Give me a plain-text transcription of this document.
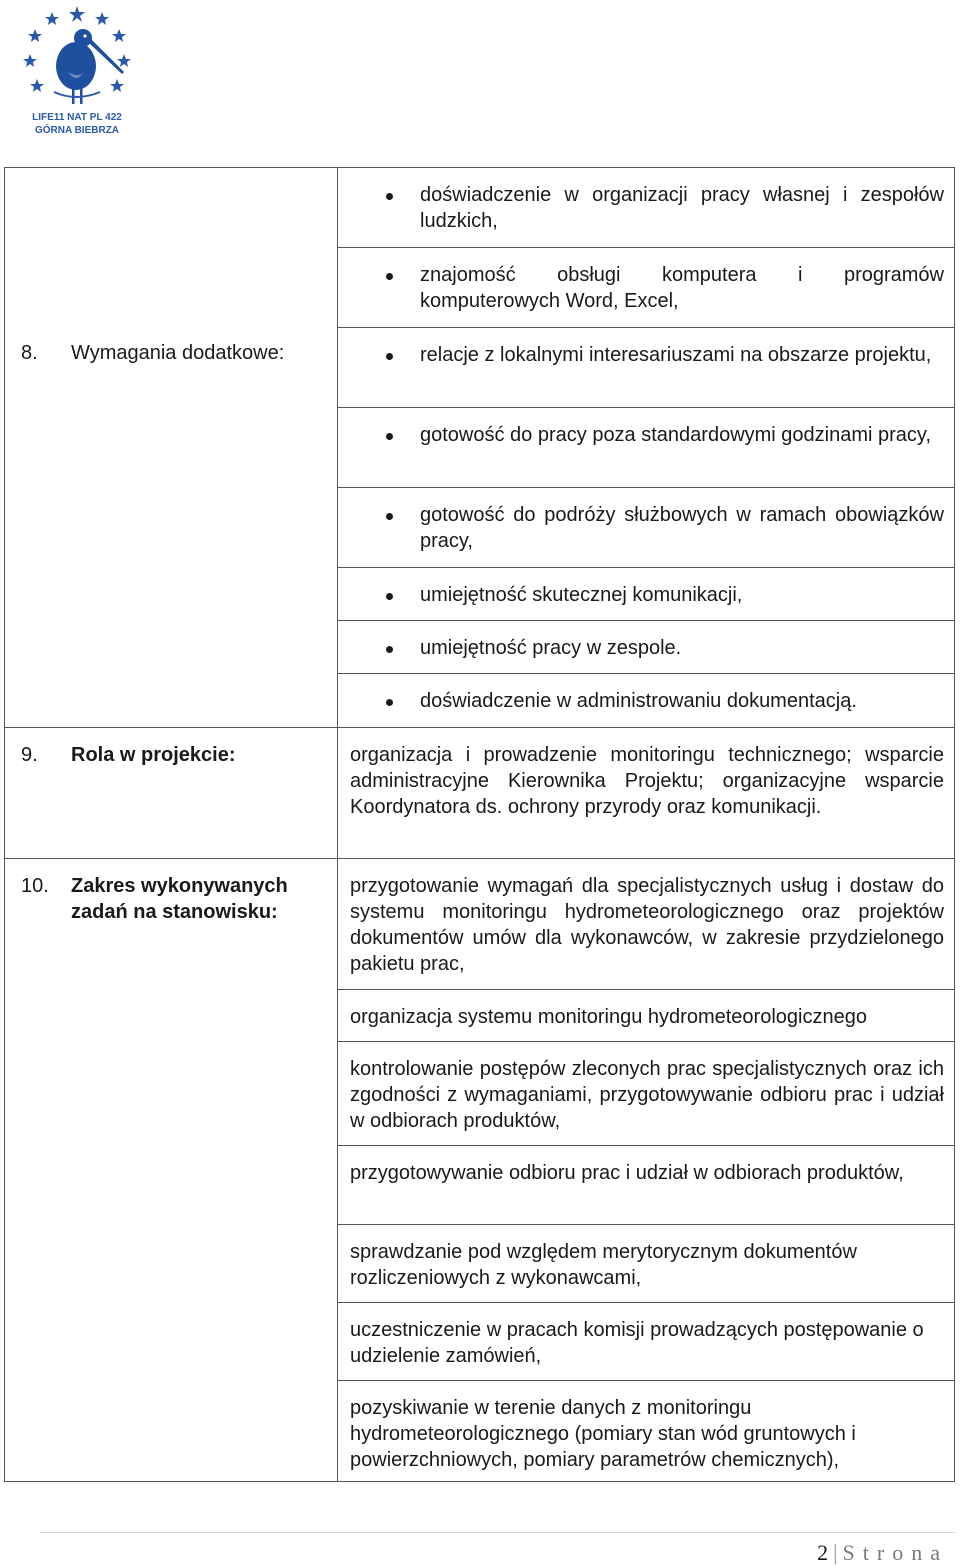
LIFE11 NAT PL 422
GÓRNA BIEBRZA
8. Wymagania dodatkowe:	doświadczenie w organizacji pracy własnej i zespołów ludzkich,

	znajomość obsługi komputera i programów komputerowych Word, Excel,

	relacje z lokalnymi interesariuszami na obszarze projektu,

	gotowość do pracy poza standardowymi godzinami pracy,

	gotowość do podróży służbowych w ramach obowiązków pracy,

	umiejętność skutecznej komunikacji,

	umiejętność pracy w zespole.

	doświadczenie w administrowaniu dokumentacją.

9. Rola w projekcie:	organizacja i prowadzenie monitoringu technicznego; wsparcie administracyjne Kierownika Projektu; organizacyjne wsparcie Koordynatora ds. ochrony przyrody oraz komunikacji.

10. Zakres wykonywanych zadań na stanowisku:	przygotowanie wymagań dla specjalistycznych usług i dostaw do systemu monitoringu hydrometeorologicznego oraz projektów dokumentów umów dla wykonawców, w zakresie przydzielonego pakietu prac,

	organizacja systemu monitoringu hydrometeorologicznego

	kontrolowanie postępów zleconych prac specjalistycznych oraz ich zgodności z wymaganiami, przygotowywanie odbioru prac i udział w odbiorach produktów,

	przygotowywanie odbioru prac i udział w odbiorach produktów,

	sprawdzanie pod względem merytorycznym dokumentów rozliczeniowych z wykonawcami,

	uczestniczenie w pracach komisji prowadzących postępowanie o udzielenie zamówień,

	pozyskiwanie w terenie danych z monitoringu hydrometeorologicznego (pomiary stan wód gruntowych i powierzchniowych, pomiary parametrów chemicznych),
2 | Strona
